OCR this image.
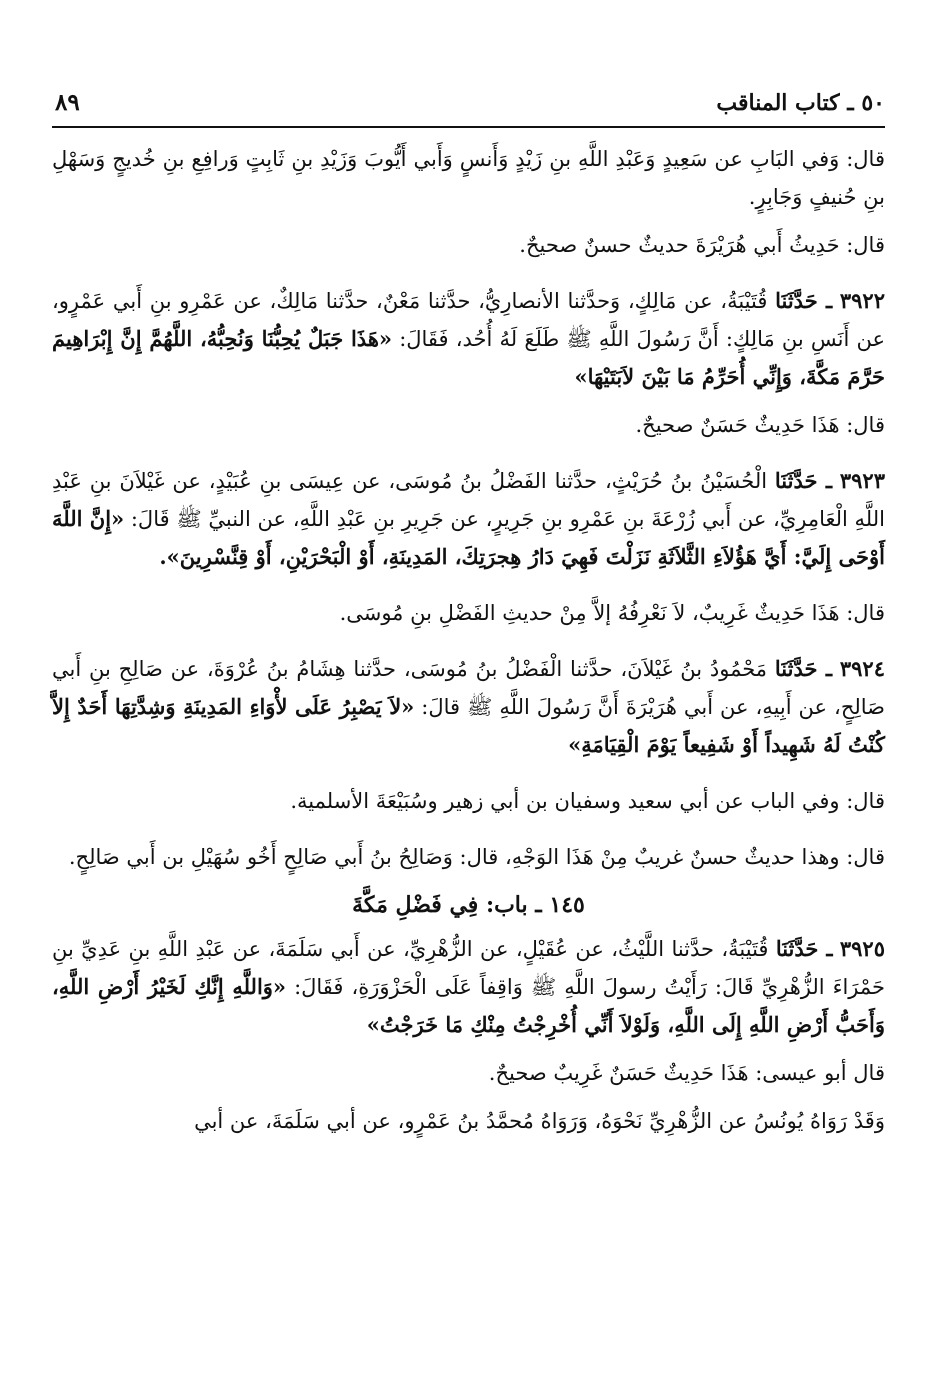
٥٠ ـ كتاب المناقب
٨٩

قال: وَفي البَابِ عن سَعِيدٍ وَعَبْدِ اللَّهِ بنِ زَيْدٍ وَأَنسٍ وَأَبي أَيُّوبَ وَزَيْدِ بنِ ثَابِتٍ وَرافِعِ بنِ خُديجٍ وَسَهْلِ بنِ حُنيفٍ وَجَابِرٍ.

قال: حَدِيثُ أَبي هُرَيْرَةَ حديثٌ حسنٌ صحيحٌ.

٣٩٢٢ ـ حَدَّثَنَا قُتَيْبَةُ، عن مَالِكٍ، وَحدَّثنا الأنصارِيُّ، حدَّثنا مَعْنٌ، حدَّثنا مَالِكٌ، عن عَمْرِو بنِ أَبي عَمْرٍو، عن أَنَسِ بنِ مَالِكٍ: أَنَّ رَسُولَ اللَّهِ ﷺ طَلَعَ لَهُ أُحُد، فَقَالَ: «هَذَا جَبَلٌ يُحِبُّنَا وَنُحِبُّهُ، اللَّهُمَّ إِنَّ إِبْرَاهِيمَ حَرَّمَ مَكَّةَ، وَإِنِّي أُحَرِّمُ مَا بَيْنَ لاَبَتَيْهَا»

قال: هَذَا حَدِيثٌ حَسَنٌ صحيحٌ.

٣٩٢٣ ـ حَدَّثَنَا الْحُسَيْنُ بنُ حُرَيْثٍ، حدَّثنا الفَضْلُ بنُ مُوسَى، عن عِيسَى بنِ عُبَيْدٍ، عن غَيْلاَنَ بنِ عَبْدِ اللَّهِ الْعَامِرِيِّ، عن أَبي زُرْعَةَ بنِ عَمْرِو بنِ جَرِيرٍ، عن جَرِيرِ بنِ عَبْدِ اللَّهِ، عن النبيِّ ﷺ قَالَ: «إِنَّ اللَّهَ أَوْحَى إِلَيَّ: أَيَّ هَؤُلاَءِ الثَّلاَثَةِ نَزَلْتَ فَهِيَ دَارُ هِجرَتِكَ، المَدِينَةِ، أَوْ الْبَحْرَيْنِ، أَوْ قِنَّسْرِينَ».

قال: هَذَا حَدِيثٌ غَرِيبٌ، لاَ نَعْرِفُهُ إلاَّ مِنْ حديثِ الفَضْلِ بنِ مُوسَى.

٣٩٢٤ ـ حَدَّثَنَا مَحْمُودُ بنُ غَيْلاَنَ، حدَّثنا الْفَضْلُ بنُ مُوسَى، حدَّثنا هِشَامُ بنُ عُرْوَةَ، عن صَالِحِ بنِ أَبي صَالِحٍ، عن أَبِيهِ، عن أَبي هُرَيْرَةَ أَنَّ رَسُولَ اللَّهِ ﷺ قالَ: «لاَ يَصْبِرُ عَلَى لأْوَاءِ المَدِينَةِ وَشِدَّتِهَا أَحَدٌ إِلاَّ كُنْتُ لَهُ شَهِيداً أَوْ شَفِيعاً يَوْمَ الْقِيَامَةِ»

قال: وفي الباب عن أبي سعيد وسفيان بن أبي زهير وسُبَيْعَةَ الأسلمية.

قال: وهذا حديثٌ حسنٌ غريبٌ مِنْ هَذَا الوَجْهِ، قال: وَصَالِحُ بنُ أَبي صَالِحٍ أَخُو سُهَيْلِ بن أَبي صَالِحٍ.

١٤٥ ـ باب: فِي فَضْلِ مَكَّةَ

٣٩٢٥ ـ حَدَّثَنَا قُتَيْبَةُ، حدَّثنا اللَّيْثُ، عن عُقَيْلٍ، عن الزُّهْرِيِّ، عن أَبي سَلَمَةَ، عن عَبْدِ اللَّهِ بنِ عَدِيِّ بنِ حَمْرَاءَ الزُّهْرِيِّ قَالَ: رَأَيْتُ رسولَ اللَّهِ ﷺ وَاقِفاً عَلَى الْحَزْوَرَةِ، فَقَالَ: «وَاللَّهِ إِنَّكِ لَخَيْرُ أَرْضِ اللَّهِ، وَأَحَبُّ أَرْضِ اللَّهِ إِلَى اللَّهِ، وَلَوْلاَ أَنِّي أُخْرِجْتُ مِنْكِ مَا خَرَجْتُ»

قال أبو عيسى: هَذَا حَدِيثٌ حَسَنٌ غَرِيبٌ صحيحٌ.

وَقَدْ رَوَاهُ يُونُسُ عن الزُّهْرِيِّ نَحْوَهُ، وَرَوَاهُ مُحمَّدُ بنُ عَمْرٍو، عن أبي سَلَمَةَ، عن أبي
